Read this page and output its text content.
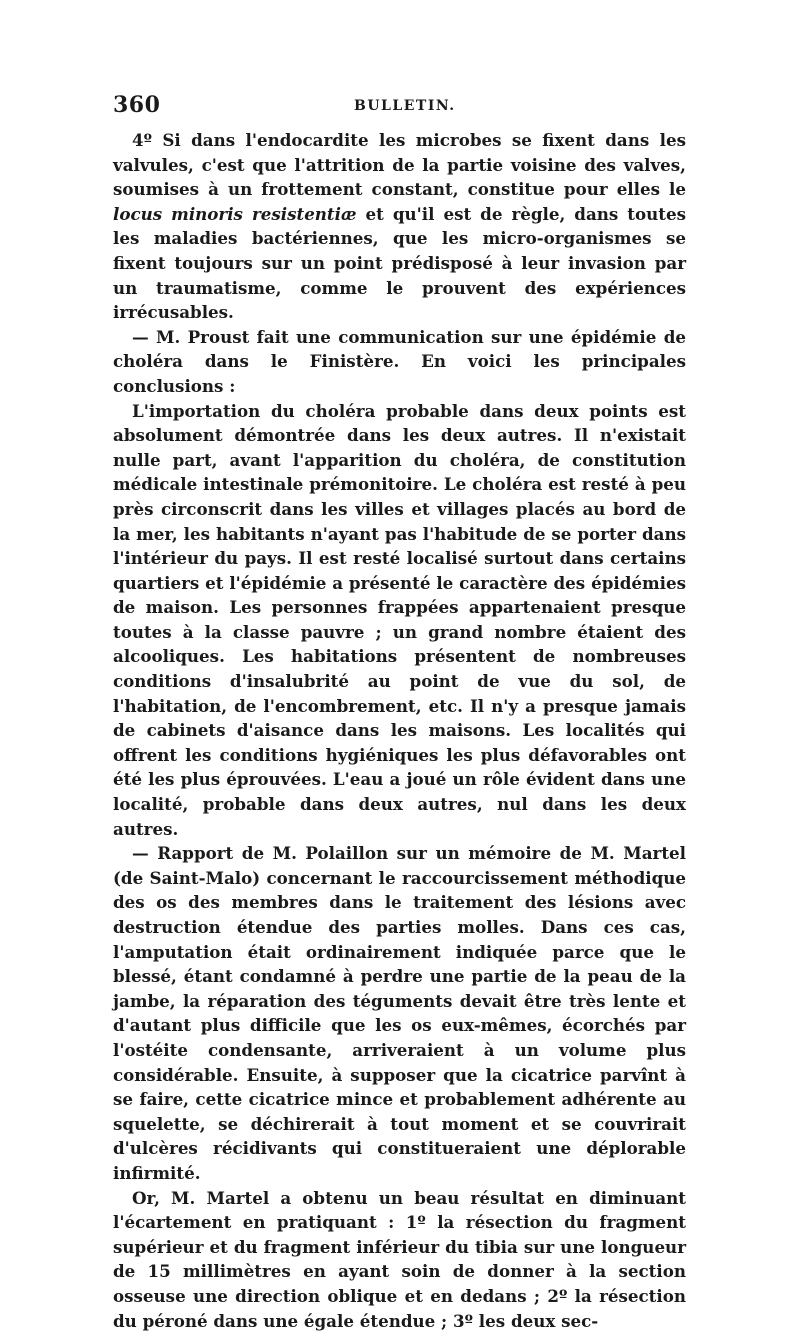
360	BULLETIN.

4º Si dans l'endocardite les microbes se fixent dans les valvules, c'est que l'attrition de la partie voisine des valves, soumises à un frottement constant, constitue pour elles le locus minoris resistentiæ et qu'il est de règle, dans toutes les maladies bactériennes, que les micro-organismes se fixent toujours sur un point prédisposé à leur invasion par un traumatisme, comme le prouvent des expériences irrécusables.

— M. Proust fait une communication sur une épidémie de choléra dans le Finistère. En voici les principales conclusions :

L'importation du choléra probable dans deux points est absolument démontrée dans les deux autres. Il n'existait nulle part, avant l'apparition du choléra, de constitution médicale intestinale prémonitoire. Le choléra est resté à peu près circonscrit dans les villes et villages placés au bord de la mer, les habitants n'ayant pas l'habitude de se porter dans l'intérieur du pays. Il est resté localisé surtout dans certains quartiers et l'épidémie a présenté le caractère des épidémies de maison. Les personnes frappées appartenaient presque toutes à la classe pauvre ; un grand nombre étaient des alcooliques. Les habitations présentent de nombreuses conditions d'insalubrité au point de vue du sol, de l'habitation, de l'encombrement, etc. Il n'y a presque jamais de cabinets d'aisance dans les maisons. Les localités qui offrent les conditions hygiéniques les plus défavorables ont été les plus éprouvées. L'eau a joué un rôle évident dans une localité, probable dans deux autres, nul dans les deux autres.

— Rapport de M. Polaillon sur un mémoire de M. Martel (de Saint-Malo) concernant le raccourcissement méthodique des os des membres dans le traitement des lésions avec destruction étendue des parties molles. Dans ces cas, l'amputation était ordinairement indiquée parce que le blessé, étant condamné à perdre une partie de la peau de la jambe, la réparation des téguments devait être très lente et d'autant plus difficile que les os eux-mêmes, écorchés par l'ostéite condensante, arriveraient à un volume plus considérable. Ensuite, à supposer que la cicatrice parvînt à se faire, cette cicatrice mince et probablement adhérente au squelette, se déchirerait à tout moment et se couvrirait d'ulcères récidivants qui constitueraient une déplorable infirmité.

Or, M. Martel a obtenu un beau résultat en diminuant l'écartement en pratiquant : 1º la résection du fragment supérieur et du fragment inférieur du tibia sur une longueur de 15 millimètres en ayant soin de donner à la section osseuse une direction oblique et en dedans ; 2º la résection du péroné dans une égale étendue ; 3º les deux sec-
